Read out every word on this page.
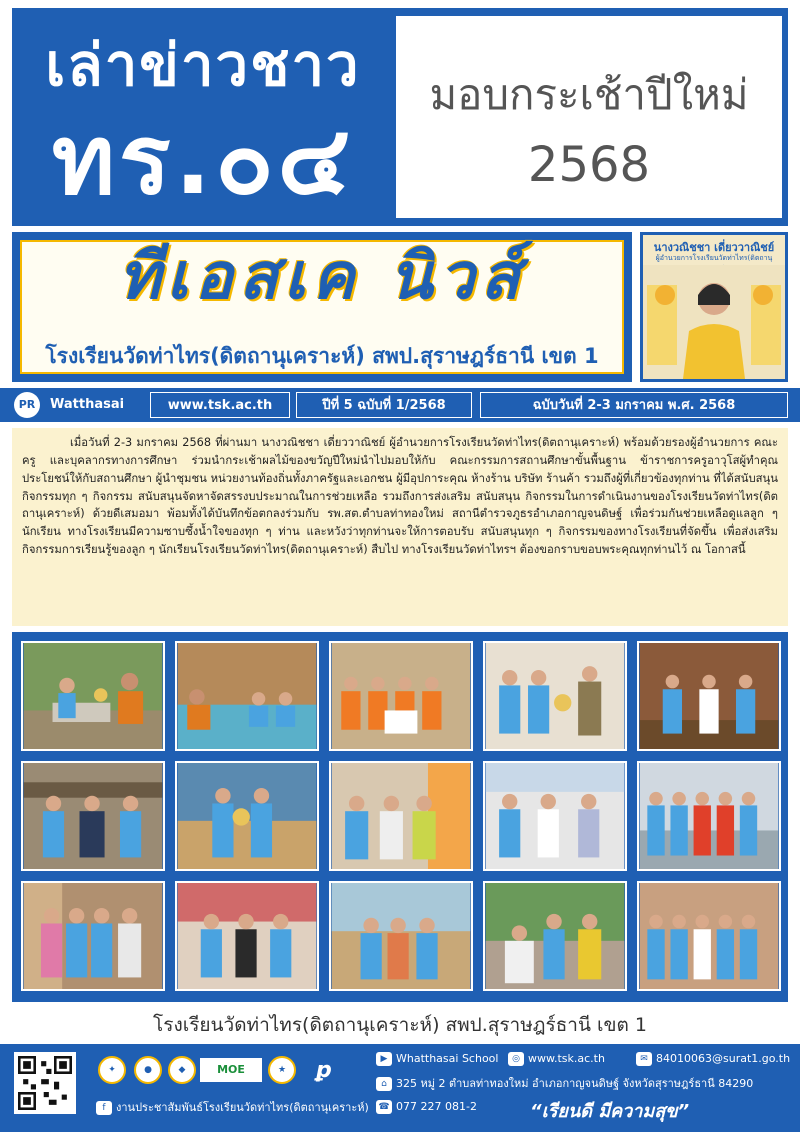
เล่าข่าวชาว
ทร.๐๔
มอบกระเช้าปีใหม่
2568
ทีเอสเค นิวส์
โรงเรียนวัดท่าไทร(ดิตถานุเคราะห์) สพป.สุราษฎร์ธานี เขต 1
นางวณิชชา เดี่ยววาณิชย์
ผู้อำนวยการโรงเรียนวัดท่าไทร(ดิตถานุ
PR	Watthasai	www.tsk.ac.th	ปีที่ 5 ฉบับที่ 1/2568	ฉบับวันที่ 2-3 มกราคม พ.ศ. 2568

เมื่อวันที่ 2-3 มกราคม 2568 ที่ผ่านมา นางวณิชชา เดี่ยววาณิชย์ ผู้อำนวยการโรงเรียนวัดท่าไทร(ดิตถานุเคราะห์) พร้อมด้วยรองผู้อำนวยการ คณะครู และบุคลากรทางการศึกษา ร่วมนำกระเช้าผลไม้ของขวัญปีใหม่นำไปมอบให้กับ คณะกรรมการสถานศึกษาขั้นพื้นฐาน ข้าราชการครูอาวุโสผู้ทำคุณประโยชน์ให้กับสถานศึกษา ผู้นำชุมชน หน่วยงานท้องถิ่นทั้งภาครัฐและเอกชน ผู้มีอุปการะคุณ ห้างร้าน บริษัท ร้านค้า รวมถึงผู้ที่เกี่ยวข้องทุกท่าน ที่ได้สนับสนุนกิจกรรมทุก ๆ กิจกรรม สนับสนุนจัดหาจัดสรรงบประมาณในการช่วยเหลือ รวมถึงการส่งเสริม สนับสนุน กิจกรรมในการดำเนินงานของโรงเรียนวัดท่าไทร(ดิตถานุเคราะห์) ด้วยดีเสมอมา พ้อมทั้งได้บันทึกข้อตกลงร่วมกับ รพ.สต.ตำบลท่าทองใหม่ สถานีตำรวจภูธรอำเภอกาญจนดิษฐ์ เพื่อร่วมกันช่วยเหลือดูแลลูก ๆ นักเรียน ทางโรงเรียนมีความซาบซึ้งน้ำใจของทุก ๆ ท่าน และหวังว่าทุกท่านจะให้การตอบรับ สนับสนุนทุก ๆ กิจกรรมของทางโรงเรียนที่จัดขึ้น เพื่อส่งเสริมกิจกรรมการเรียนรู้ของลูก ๆ นักเรียนโรงเรียนวัดท่าไทร(ดิตถานุเคราะห์) สืบไป ทางโรงเรียนวัดท่าไทรฯ ต้องขอกราบขอบพระคุณทุกท่านไว้ ณ โอกาสนี้

โรงเรียนวัดท่าไทร(ดิตถานุเคราะห์) สพป.สุราษฎร์ธานี เขต 1
✦	●	◆	MOE	★	ꝑ
f งานประชาสัมพันธ์โรงเรียนวัดท่าไทร(ดิตถานุเคราะห์)
▶ Whatthasai School	◎ www.tsk.ac.th	✉ 84010063@surat1.go.th
⌂ 325 หมู่ 2 ตำบลท่าทองใหม่ อำเภอกาญจนดิษฐ์ จังหวัดสุราษฎร์ธานี 84290
☎ 077 227 081-2	“เรียนดี มีความสุข”
